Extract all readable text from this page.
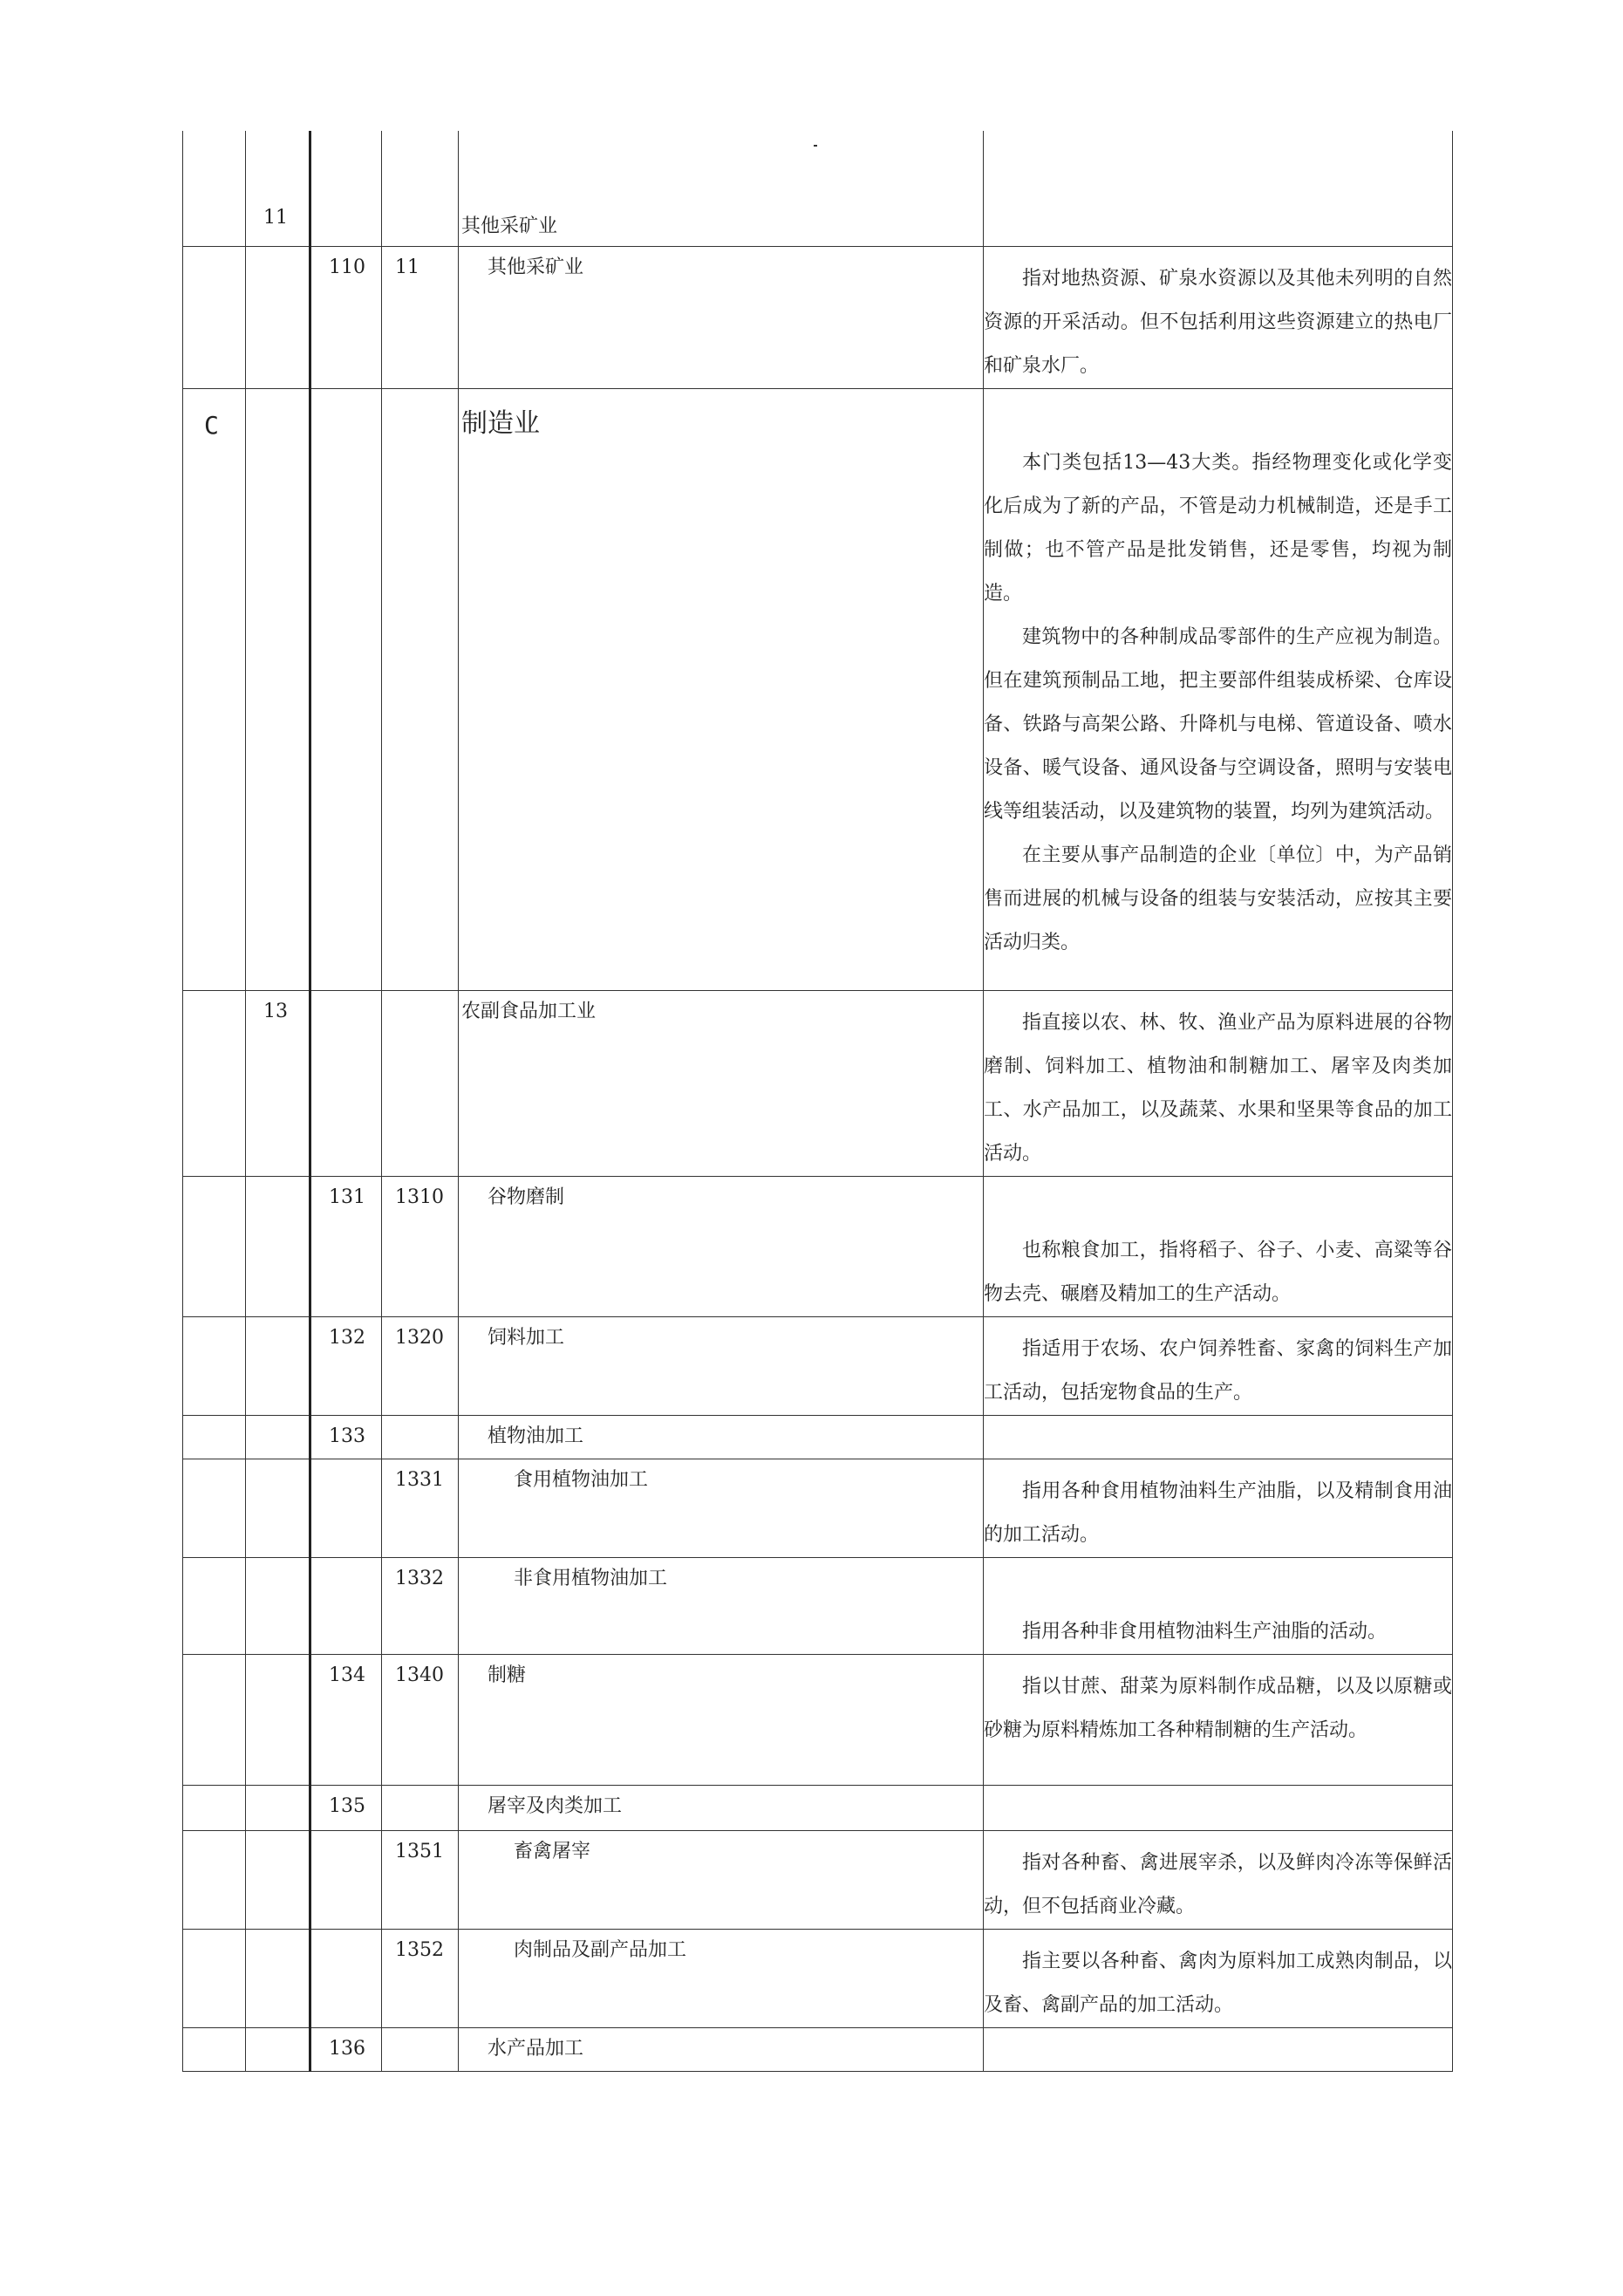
	11			其他采矿业	

		110	11	其他采矿业	指对地热资源、矿泉水资源以及其他未列明的自然资源的开采活动。但不包括利用这些资源建立的热电厂和矿泉水厂。

C				制造业	本门类包括13—43大类。指经物理变化或化学变化后成为了新的产品，不管是动力机械制造，还是手工制做；也不管产品是批发销售，还是零售，均视为制造。

建筑物中的各种制成品零部件的生产应视为制造。但在建筑预制品工地，把主要部件组装成桥梁、仓库设备、铁路与高架公路、升降机与电梯、管道设备、喷水设备、暖气设备、通风设备与空调设备，照明与安装电线等组装活动，以及建筑物的装置，均列为建筑活动。

在主要从事产品制造的企业〔单位〕中，为产品销售而进展的机械与设备的组装与安装活动，应按其主要活动归类。

	13			农副食品加工业	指直接以农、林、牧、渔业产品为原料进展的谷物磨制、饲料加工、植物油和制糖加工、屠宰及肉类加工、水产品加工，以及蔬菜、水果和坚果等食品的加工活动。

		131	1310	谷物磨制	也称粮食加工，指将稻子、谷子、小麦、高粱等谷物去壳、碾磨及精加工的生产活动。

		132	1320	饲料加工	指适用于农场、农户饲养牲畜、家禽的饲料生产加工活动，包括宠物食品的生产。

		133		植物油加工	

			1331	食用植物油加工	指用各种食用植物油料生产油脂，以及精制食用油的加工活动。

			1332	非食用植物油加工	指用各种非食用植物油料生产油脂的活动。

		134	1340	制糖	指以甘蔗、甜菜为原料制作成品糖，以及以原糖或砂糖为原料精炼加工各种精制糖的生产活动。

		135		屠宰及肉类加工	

			1351	畜禽屠宰	指对各种畜、禽进展宰杀，以及鲜肉冷冻等保鲜活动，但不包括商业冷藏。

			1352	肉制品及副产品加工	指主要以各种畜、禽肉为原料加工成熟肉制品，以及畜、禽副产品的加工活动。

		136		水产品加工	
